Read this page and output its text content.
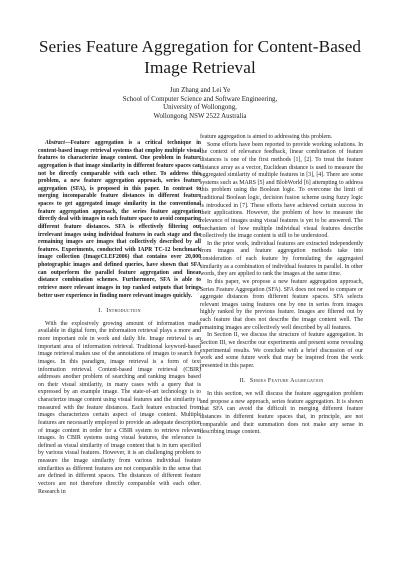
Series Feature Aggregation for Content-Based Image Retrieval
Jun Zhang and Lei Ye
School of Computer Science and Software Engineering,
University of Wollongong,
Wollongong NSW 2522 Australia

Abstract—Feature aggregation is a critical technique in content-based image retrieval systems that employ multiple visual features to characterize image content. One problem in feature aggregation is that image similarity in different feature spaces can not be directly comparable with each other. To address this problem, a new feature aggregation approach, series feature aggregation (SFA), is proposed in this paper. In contrast to merging incomparable feature distances in different feature spaces to get aggregated image similarity in the conventional feature aggregation approach, the series feature aggregation directly deal with images in each feature space to avoid comparing different feature distances. SFA is effectively filtering out irrelevant images using individual features in each stage and the remaining images are images that collectively described by all features. Experiments, conducted with IAPR TC-12 benchmark image collection (ImageCLEF2006) that contains over 20,000 photographic images and defined queries, have shown that SFA can outperform the parallel feature aggregation and linear distance combination schemes. Furthermore, SFA is able to retrieve more relevant images in top ranked outputs that brings better user experience in finding more relevant images quickly.

I. Introduction

With the explosively growing amount of information made available in digital form, the information retrieval plays a more and more important role in work and daily life. Image retrieval is an important area of information retrieval. Traditional keyword-based image retrieval makes use of the annotations of images to search for images. In this paradigm, image retrieval is a form of text information retrieval. Content-based image retrieval (CBIR) addresses another problem of searching and ranking images based on their visual similarity, in many cases with a query that is expressed by an example image. The state-of-art technology is to characterize image content using visual features and the similarity is measured with the feature distances. Each feature extracted from images characterizes certain aspect of image content. Multiple features are necessarily employed to provide an adequate description of image content in order for a CBIR system to retrieve relevant images. In CBIR systems using visual features, the relevance is defined as visual similarity of image content that is in turn specified by various visual features. However, it is an challenging problem to measure the image similarity from various individual feature similarities as different features are not comparable in the sense that are defined in different spaces. The distances of different feature vectors are not therefore directly comparable with each other. Research in

feature aggregation is aimed to addressing this problem.

Some efforts have been reported to provide working solutions. In the context of relevance feedback, linear combination of feature distances is one of the first methods [1], [2]. To treat the feature distance array as a vector, Euclidean distance is used to measure the aggregated similarity of multiple features in [3], [4]. There are some systems such as MARS [5] and BlobWorld [6] attempting to address this problem using the Boolean logic. To overcome the limit of traditional Boolean logic, decision fusion scheme using fuzzy logic is introduced in [7]. These efforts have achieved certain success in their applications. However, the problem of how to measure the relevance of images using visual features is yet to be answered. The mechanism of how multiple individual visual features describe collectively the image content is still to be understood.

In the prior work, individual features are extracted independently from images and feature aggregation methods take into consideration of each feature by formulating the aggregated similarity as a combination of individual features in parallel. In other words, they are applied to rank the images at the same time.

In this paper, we propose a new feature aggregation approach, Series Feature Aggregation (SFA). SFA does not need to compare or aggregate distances from different feature spaces. SFA selects relevant images using features one by one in series from images highly ranked by the previous feature. Images are filtered out by each feature that does not describe the image content well. The remaining images are collectively well described by all features.

In Section II, we discuss the structure of feature aggregation. In Section III, we describe our experiments and present some revealing experimental results. We conclude with a brief discussion of our work and some future work that may be inspired from the work presented in this paper.

II. Series Feature Aggregation

In this section, we will discuss the feature aggregation problem and propose a new approach, series feature aggregation. It is shown that SFA can avoid the difficult in merging different feature distances in different feature spaces that, in principle, are not comparable and their summation does not make any sense in describing image content.
